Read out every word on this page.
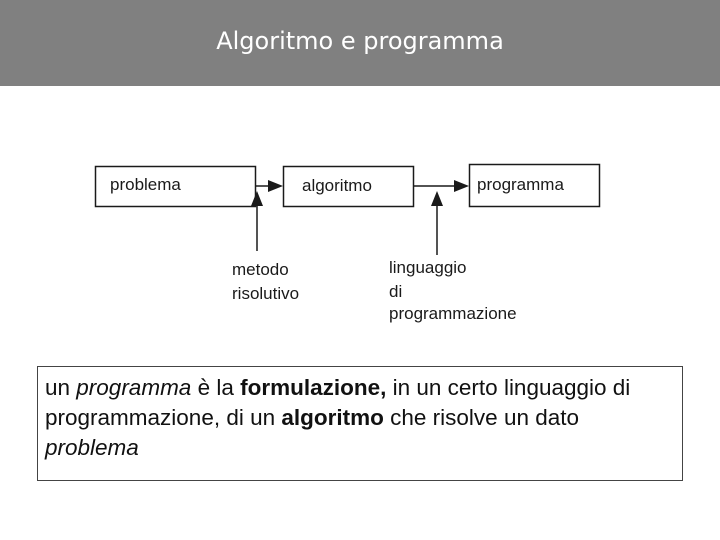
Algoritmo e programma
problema	algoritmo	programma
metodo
risolutivo
linguaggio
di
programmazione
un programma è la formulazione, in un certo linguaggio di programmazione, di un algoritmo che risolve un dato problema
